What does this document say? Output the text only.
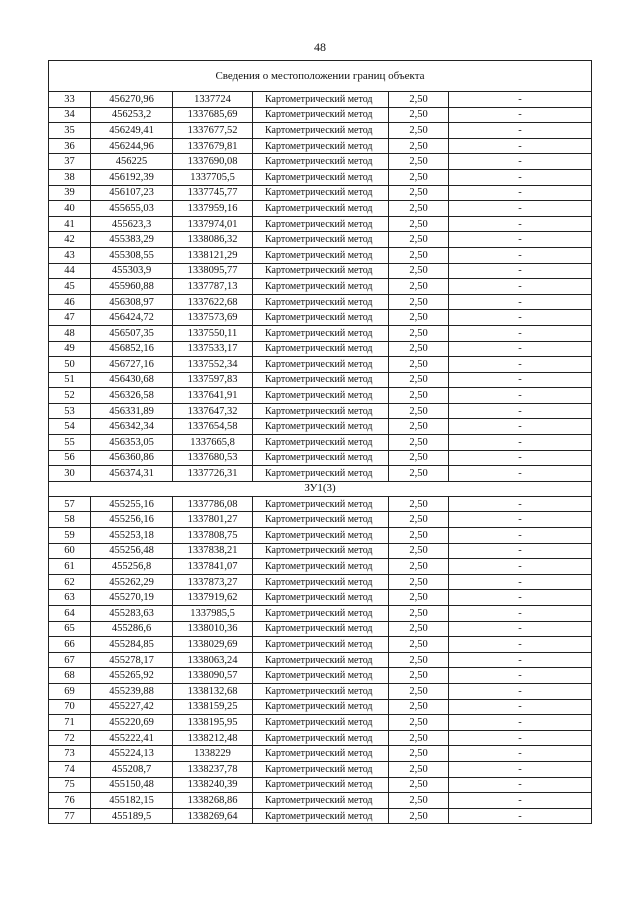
48
Сведения о местоположении границ объекта					
33	456270,96	1337724	Картометрический метод	2,50	-
34	456253,2	1337685,69	Картометрический метод	2,50	-
35	456249,41	1337677,52	Картометрический метод	2,50	-
36	456244,96	1337679,81	Картометрический метод	2,50	-
37	456225	1337690,08	Картометрический метод	2,50	-
38	456192,39	1337705,5	Картометрический метод	2,50	-
39	456107,23	1337745,77	Картометрический метод	2,50	-
40	455655,03	1337959,16	Картометрический метод	2,50	-
41	455623,3	1337974,01	Картометрический метод	2,50	-
42	455383,29	1338086,32	Картометрический метод	2,50	-
43	455308,55	1338121,29	Картометрический метод	2,50	-
44	455303,9	1338095,77	Картометрический метод	2,50	-
45	455960,88	1337787,13	Картометрический метод	2,50	-
46	456308,97	1337622,68	Картометрический метод	2,50	-
47	456424,72	1337573,69	Картометрический метод	2,50	-
48	456507,35	1337550,11	Картометрический метод	2,50	-
49	456852,16	1337533,17	Картометрический метод	2,50	-
50	456727,16	1337552,34	Картометрический метод	2,50	-
51	456430,68	1337597,83	Картометрический метод	2,50	-
52	456326,58	1337641,91	Картометрический метод	2,50	-
53	456331,89	1337647,32	Картометрический метод	2,50	-
54	456342,34	1337654,58	Картометрический метод	2,50	-
55	456353,05	1337665,8	Картометрический метод	2,50	-
56	456360,86	1337680,53	Картометрический метод	2,50	-
30	456374,31	1337726,31	Картометрический метод	2,50	-
ЗУ1(3)					
57	455255,16	1337786,08	Картометрический метод	2,50	-
58	455256,16	1337801,27	Картометрический метод	2,50	-
59	455253,18	1337808,75	Картометрический метод	2,50	-
60	455256,48	1337838,21	Картометрический метод	2,50	-
61	455256,8	1337841,07	Картометрический метод	2,50	-
62	455262,29	1337873,27	Картометрический метод	2,50	-
63	455270,19	1337919,62	Картометрический метод	2,50	-
64	455283,63	1337985,5	Картометрический метод	2,50	-
65	455286,6	1338010,36	Картометрический метод	2,50	-
66	455284,85	1338029,69	Картометрический метод	2,50	-
67	455278,17	1338063,24	Картометрический метод	2,50	-
68	455265,92	1338090,57	Картометрический метод	2,50	-
69	455239,88	1338132,68	Картометрический метод	2,50	-
70	455227,42	1338159,25	Картометрический метод	2,50	-
71	455220,69	1338195,95	Картометрический метод	2,50	-
72	455222,41	1338212,48	Картометрический метод	2,50	-
73	455224,13	1338229	Картометрический метод	2,50	-
74	455208,7	1338237,78	Картометрический метод	2,50	-
75	455150,48	1338240,39	Картометрический метод	2,50	-
76	455182,15	1338268,86	Картометрический метод	2,50	-
77	455189,5	1338269,64	Картометрический метод	2,50	-
